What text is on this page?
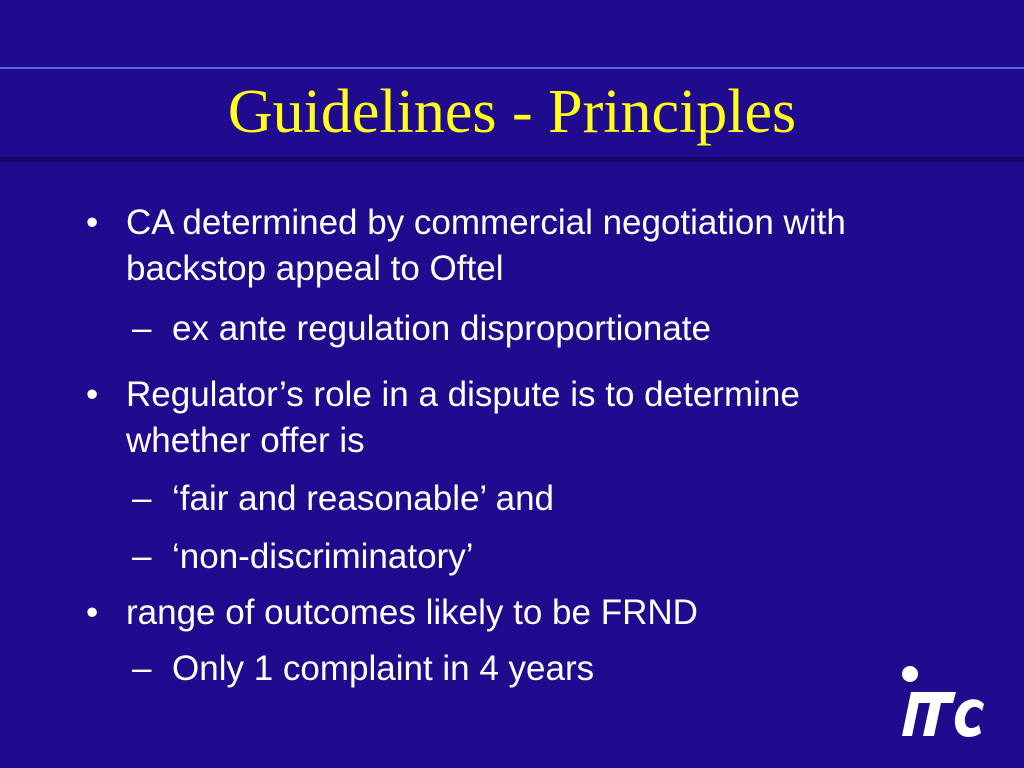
Guidelines - Principles

• CA determined by commercial negotiation with backstop appeal to Oftel

– ex ante regulation disproportionate

• Regulator’s role in a dispute is to determine whether offer is

– ‘fair and reasonable’ and

– ‘non-discriminatory’

• range of outcomes likely to be FRND

– Only 1 complaint in 4 years
